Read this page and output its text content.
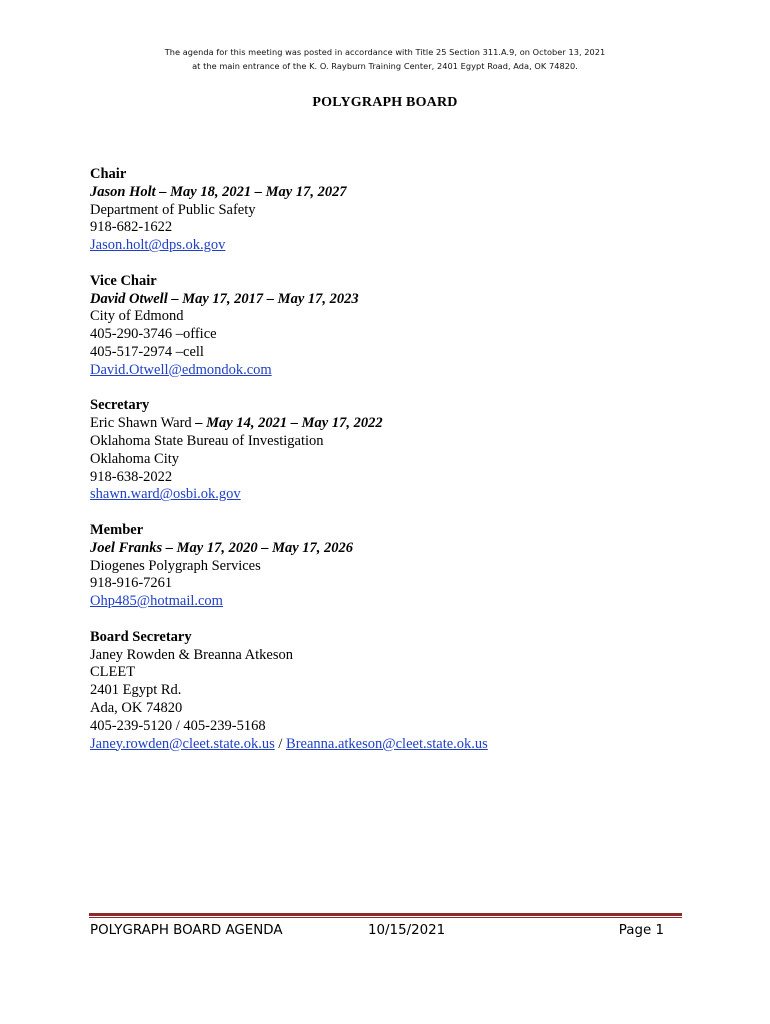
The agenda for this meeting was posted in accordance with Title 25 Section 311.A.9, on October 13, 2021
at the main entrance of the K. O. Rayburn Training Center, 2401 Egypt Road, Ada, OK 74820.
POLYGRAPH BOARD
Chair
Jason Holt – May 18, 2021 – May 17, 2027
Department of Public Safety
918-682-1622
Jason.holt@dps.ok.gov
Vice Chair
David Otwell – May 17, 2017 – May 17, 2023
City of Edmond
405-290-3746 –office
405-517-2974 –cell
David.Otwell@edmondok.com
Secretary
Eric Shawn Ward – May 14, 2021 – May 17, 2022
Oklahoma State Bureau of Investigation
Oklahoma City
918-638-2022
shawn.ward@osbi.ok.gov
Member
Joel Franks – May 17, 2020 – May 17, 2026
Diogenes Polygraph Services
918-916-7261
Ohp485@hotmail.com
Board Secretary
Janey Rowden & Breanna Atkeson
CLEET
2401 Egypt Rd.
Ada, OK 74820
405-239-5120 / 405-239-5168
Janey.rowden@cleet.state.ok.us / Breanna.atkeson@cleet.state.ok.us
POLYGRAPH BOARD AGENDA	10/15/2021	Page 1
